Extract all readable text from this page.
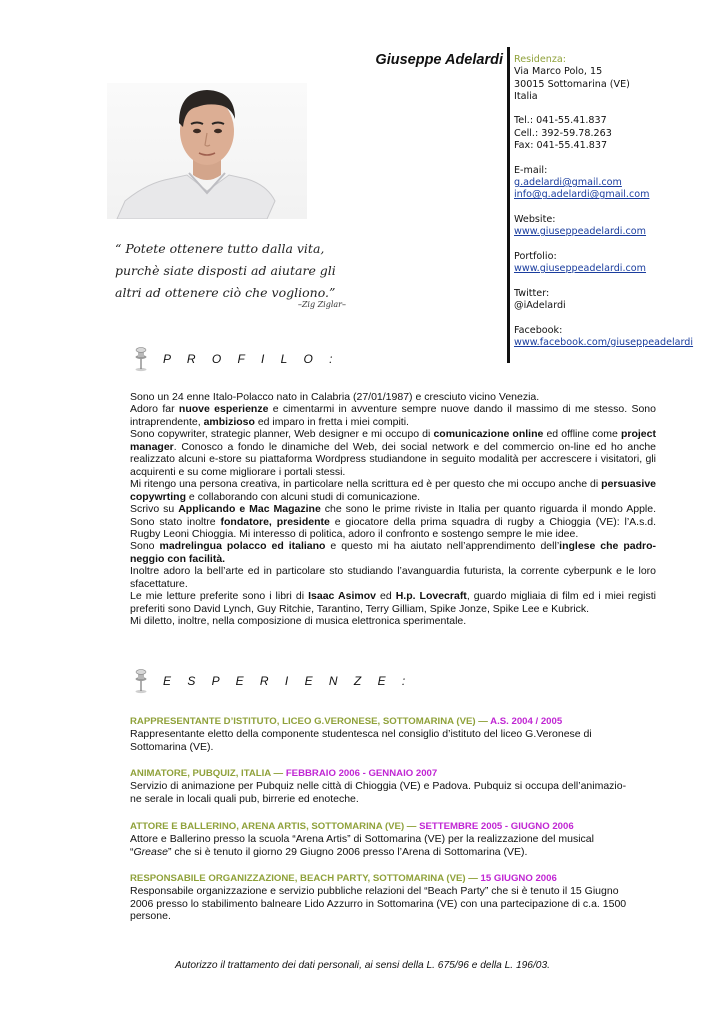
Giuseppe Adelardi Residenza:
Via Marco Polo, 15
30015 Sottomarina (VE)
Italia
Tel.: 041-55.41.837
Cell.: 392-59.78.263
Fax: 041-55.41.837
E-mail:
g.adelardi@gmail.com
info@g.adelardi@gmail.com
Website:
www.giuseppeadelardi.com
Portfolio:
www.giuseppeadelardi.com
Twitter:
@iAdelardi
Facebook:
www.facebook.com/giuseppeadelardi
“ Potete ottenere tutto dalla vita,
purchè siate disposti ad aiutare gli
altri ad ottenere ciò che vogliono.”
–Zig Ziglar–
P R O F I L O :

Sono un 24 enne Italo-Polacco nato in Calabria (27/01/1987) e cresciuto vicino Venezia.

Adoro far nuove esperienze e cimentarmi in avventure sempre nuove dando il massimo di me stesso. Sono intraprendente, ambizioso ed imparo in fretta i miei compiti.

Sono copywriter, strategic planner, Web designer e mi occupo di comunicazione online ed offline come project manager. Conosco a fondo le dinamiche del Web, dei social network e del commercio on-line ed ho anche realizzato alcuni e-store su piattaforma Wordpress studiandone in seguito modalità per accrescere i visitatori, gli acquirenti e su come migliorare i portali stessi.

Mi ritengo una persona creativa, in particolare nella scrittura ed è per questo che mi occupo anche di persuasive copywrting e collaborando con alcuni studi di comunicazione.

Scrivo su Applicando e Mac Magazine che sono le prime riviste in Italia per quanto riguarda il mondo Apple. Sono stato inoltre fondatore, presidente e giocatore della prima squadra di rugby a Chioggia (VE): l’A.s.d. Rugby Leoni Chioggia. Mi interesso di politica, adoro il confronto e sostengo sempre le mie idee.

Sono madrelingua polacco ed italiano e questo mi ha aiutato nell’apprendimento dell’inglese che padro-neggio con facilità.

Inoltre adoro la bell’arte ed in particolare sto studiando l’avanguardia futurista, la corrente cyberpunk e le loro sfacettature.

Le mie letture preferite sono i libri di Isaac Asimov ed H.p. Lovecraft, guardo migliaia di film ed i miei registi preferiti sono David Lynch, Guy Ritchie, Tarantino, Terry Gilliam, Spike Jonze, Spike Lee e Kubrick.

Mi diletto, inoltre, nella composizione di musica elettronica sperimentale.

E S P E R I E N Z E :
RAPPRESENTANTE D’ISTITUTO, LICEO G.VERONESE, SOTTOMARINA (VE) — A.S. 2004 / 2005

Rappresentante eletto della componente studentesca nel consiglio d’istituto del liceo G.Veronese di

Sottomarina (VE).

ANIMATORE, PUBQUIZ, ITALIA — FEBBRAIO 2006 - GENNAIO 2007

Servizio di animazione per Pubquiz nelle città di Chioggia (VE) e Padova. Pubquiz si occupa dell’animazio-

ne serale in locali quali pub, birrerie ed enoteche.

ATTORE E BALLERINO, ARENA ARTIS, SOTTOMARINA (VE) — SETTEMBRE 2005 - GIUGNO 2006

Attore e Ballerino presso la scuola “Arena Artis” di Sottomarina (VE) per la realizzazione del musical

“Grease” che si è tenuto il giorno 29 Giugno 2006 presso l’Arena di Sottomarina (VE).

RESPONSABILE ORGANIZZAZIONE, BEACH PARTY, SOTTOMARINA (VE) — 15 GIUGNO 2006

Responsabile organizzazione e servizio pubbliche relazioni del “Beach Party” che si è tenuto il 15 Giugno

2006 presso lo stabilimento balneare Lido Azzurro in Sottomarina (VE) con una partecipazione di c.a. 1500

persone.

Autorizzo il trattamento dei dati personali, ai sensi della L. 675/96 e della L. 196/03.
